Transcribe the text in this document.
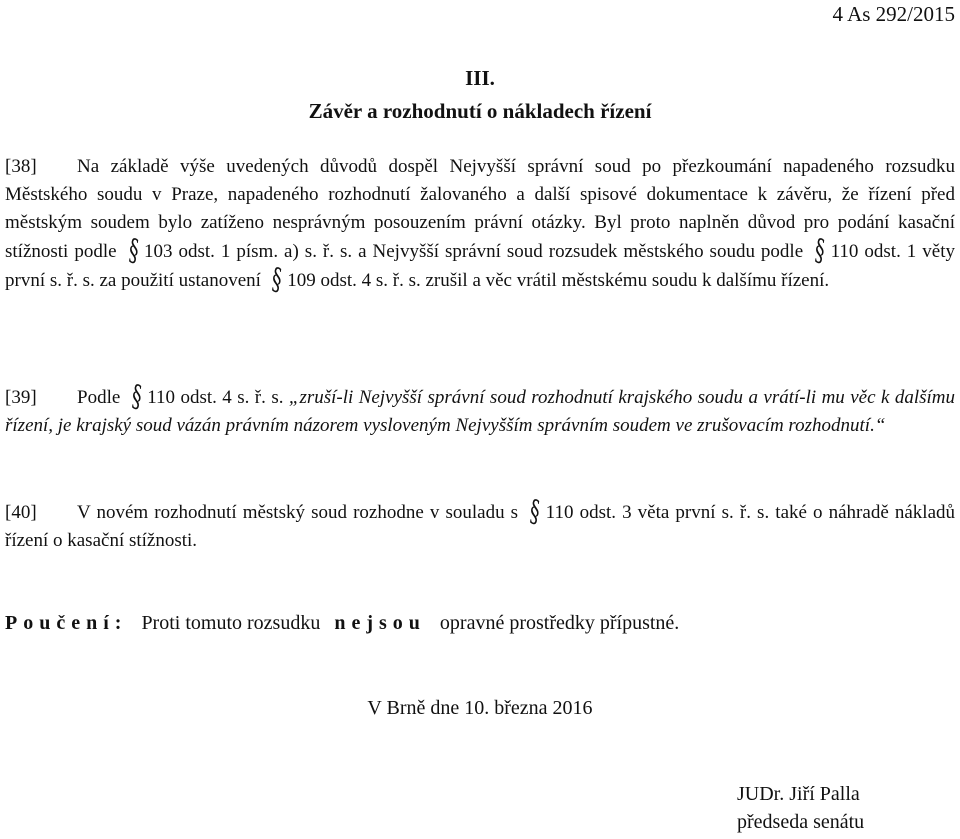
4 As 292/2015
III.
Závěr a rozhodnutí o nákladech řízení
[38] Na základě výše uvedených důvodů dospěl Nejvyšší správní soud po přezkoumání napadeného rozsudku Městského soudu v Praze, napadeného rozhodnutí žalovaného a další spisové dokumentace k závěru, že řízení před městským soudem bylo zatíženo nesprávným posouzením právní otázky. Byl proto naplněn důvod pro podání kasační stížnosti podle § 103 odst. 1 písm. a) s. ř. s. a Nejvyšší správní soud rozsudek městského soudu podle § 110 odst. 1 věty první s. ř. s. za použití ustanovení § 109 odst. 4 s. ř. s. zrušil a věc vrátil městskému soudu k dalšímu řízení.
[39] Podle § 110 odst. 4 s. ř. s. „zruší-li Nejvyšší správní soud rozhodnutí krajského soudu a vrátí-li mu věc k dalšímu řízení, je krajský soud vázán právním názorem vysloveným Nejvyšším správním soudem ve zrušovacím rozhodnutí.“
[40] V novém rozhodnutí městský soud rozhodne v souladu s § 110 odst. 3 věta první s. ř. s. také o náhradě nákladů řízení o kasační stížnosti.
Poučení: Proti tomuto rozsudku nejsou opravné prostředky přípustné.
V Brně dne 10. března 2016
JUDr. Jiří Palla
předseda senátu
